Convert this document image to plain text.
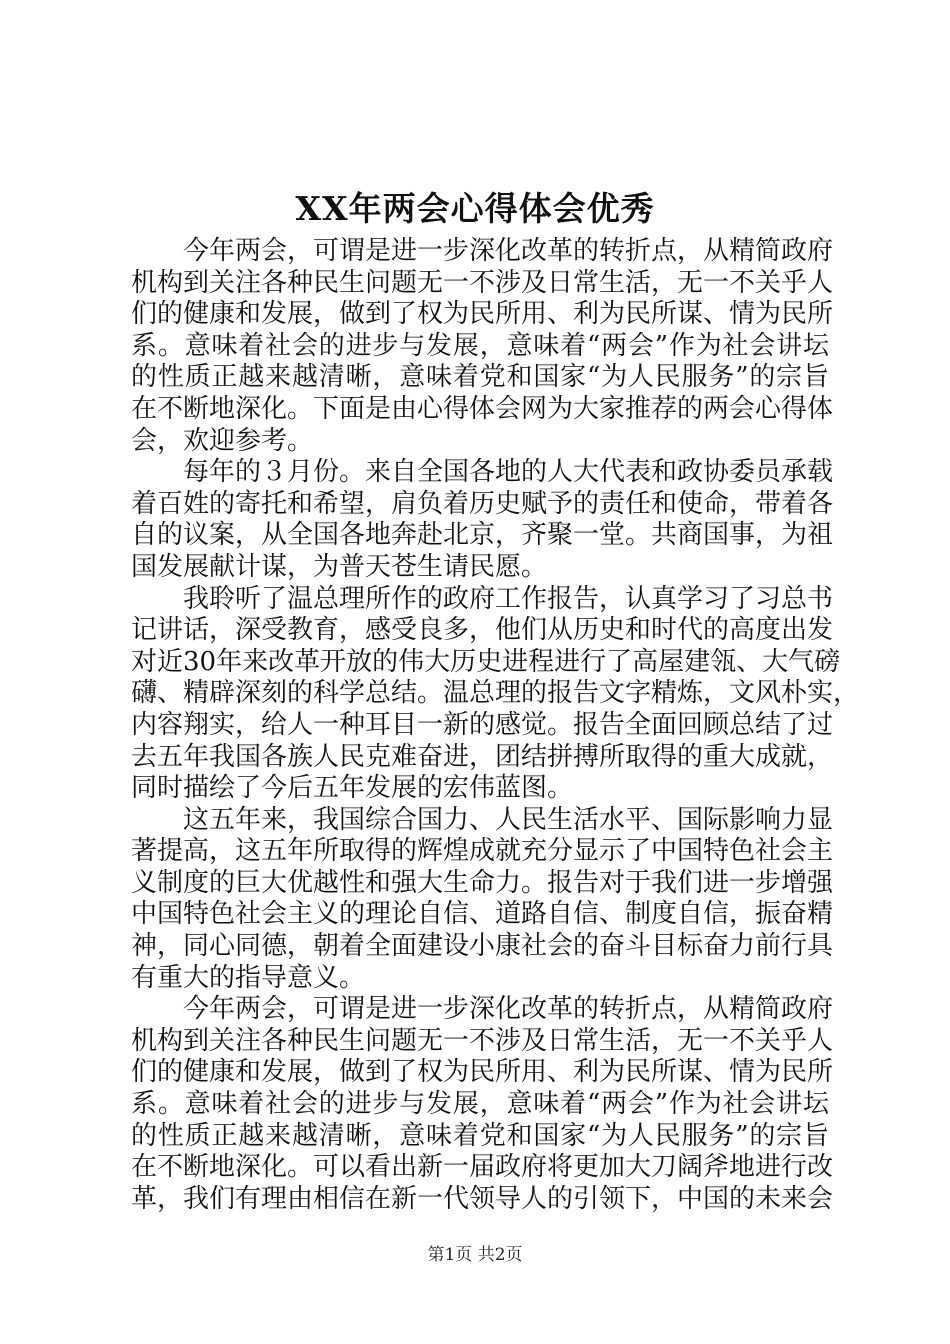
XX年两会心得体会优秀
今年两会，可谓是进一步深化改革的转折点，从精简政府
机构到关注各种民生问题无一不涉及日常生活，无一不关乎人
们的健康和发展，做到了权为民所用、利为民所谋、情为民所
系。意味着社会的进步与发展，意味着“两会”作为社会讲坛
的性质正越来越清晰，意味着党和国家“为人民服务”的宗旨
在不断地深化。下面是由心得体会网为大家推荐的两会心得体
会，欢迎参考。
每年的３月份。来自全国各地的人大代表和政协委员承载
着百姓的寄托和希望，肩负着历史赋予的责任和使命，带着各
自的议案，从全国各地奔赴北京，齐聚一堂。共商国事，为祖
国发展献计谋，为普天苍生请民愿。
我聆听了温总理所作的政府工作报告，认真学习了习总书
记讲话，深受教育，感受良多，他们从历史和时代的高度出发
对近30年来改革开放的伟大历史进程进行了高屋建瓴、大气磅
礴、精辟深刻的科学总结。温总理的报告文字精炼，文风朴实，
内容翔实，给人一种耳目一新的感觉。报告全面回顾总结了过
去五年我国各族人民克难奋进，团结拼搏所取得的重大成就，
同时描绘了今后五年发展的宏伟蓝图。
这五年来，我国综合国力、人民生活水平、国际影响力显
著提高，这五年所取得的辉煌成就充分显示了中国特色社会主
义制度的巨大优越性和强大生命力。报告对于我们进一步增强
中国特色社会主义的理论自信、道路自信、制度自信，振奋精
神，同心同德，朝着全面建设小康社会的奋斗目标奋力前行具
有重大的指导意义。
今年两会，可谓是进一步深化改革的转折点，从精简政府
机构到关注各种民生问题无一不涉及日常生活，无一不关乎人
们的健康和发展，做到了权为民所用、利为民所谋、情为民所
系。意味着社会的进步与发展，意味着“两会”作为社会讲坛
的性质正越来越清晰，意味着党和国家“为人民服务”的宗旨
在不断地深化。可以看出新一届政府将更加大刀阔斧地进行改
革，我们有理由相信在新一代领导人的引领下，中国的未来会
第1页 共2页
